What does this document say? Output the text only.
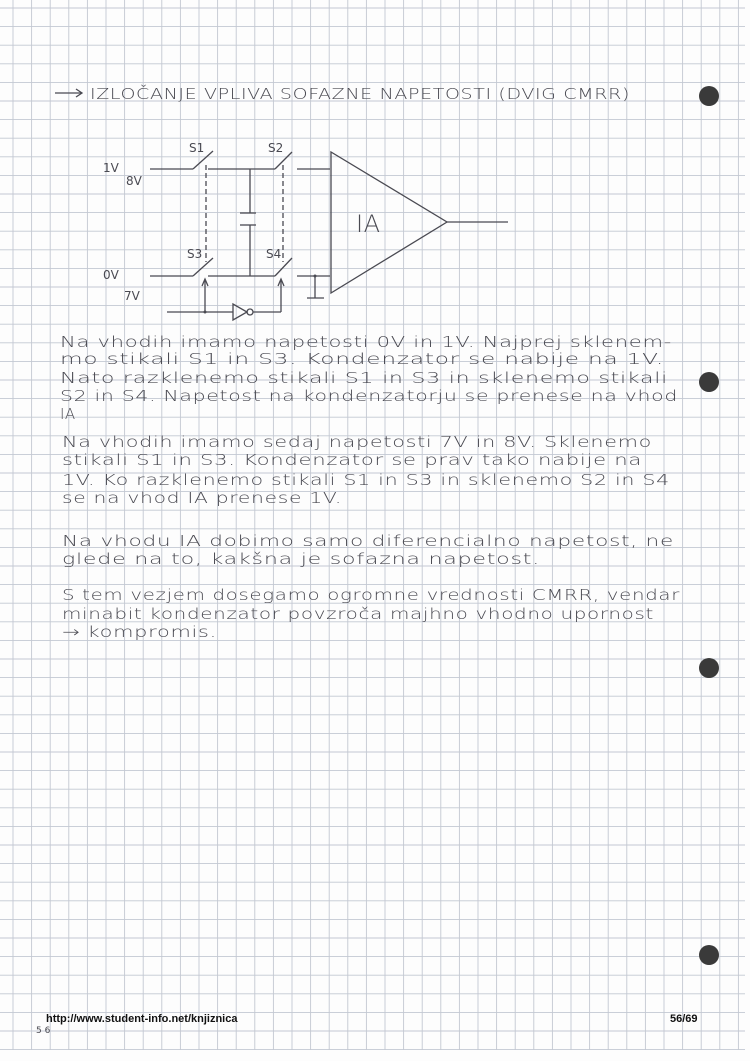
IZLOČANJE VPLIVA SOFAZNE NAPETOSTI (DVIG CMRR)
1V
8V
0V
7V
S1	S2
S3	S4
IA
Na vhodih imamo napetosti 0V in 1V. Najprej sklenem-
mo stikali S1 in S3. Kondenzator se nabije na 1V.
Nato razklenemo stikali S1 in S3 in sklenemo stikali
S2 in S4. Napetost na kondenzatorju se prenese na vhod
IA
Na vhodih imamo sedaj napetosti 7V in 8V. Sklenemo
stikali S1 in S3. Kondenzator se prav tako nabije na
1V. Ko razklenemo stikali S1 in S3 in sklenemo S2 in S4
se na vhod IA prenese 1V.
Na vhodu IA dobimo samo diferencialno napetost, ne
glede na to, kakšna je sofazna napetost.
S tem vezjem dosegamo ogromne vrednosti CMRR, vendar
minabit kondenzator povzroča majhno vhodno upornost
→ kompromis.
5 6
http://www.student-info.net/knjiznica	56/69
